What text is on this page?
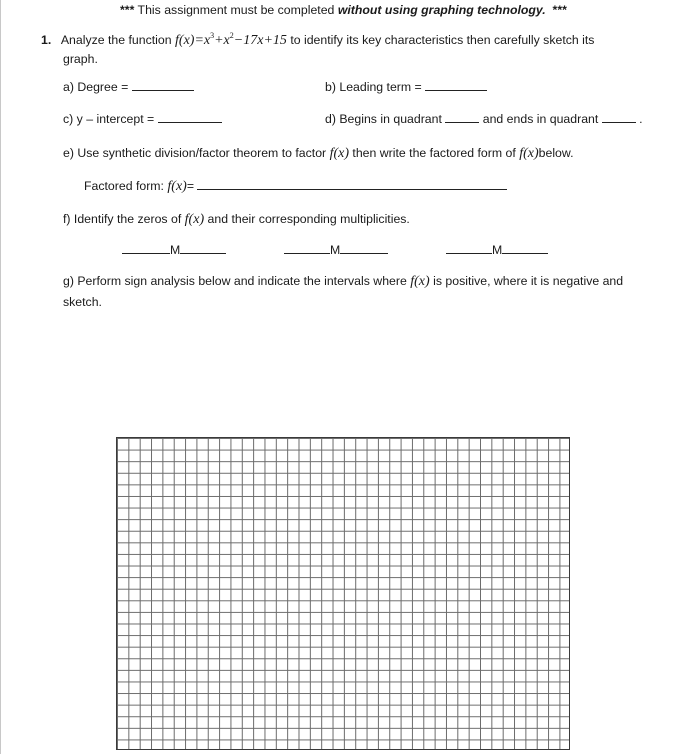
*** This assignment must be completed without using graphing technology. ***
1. Analyze the function $f(x)=x^3+x^2-17x+15$ to identify its key characteristics then carefully sketch its
graph.
a) Degree =	b) Leading term =
c) y – intercept =	d) Begins in quadrant	and ends in quadrant	.
e) Use synthetic division/factor theorem to factor f(x) then write the factored form of f(x)below.
Factored form: f(x)=
f) Identify the zeros of f(x) and their corresponding multiplicities.
M	M	M
g) Perform sign analysis below and indicate the intervals where f(x) is positive, where it is negative and
sketch.
